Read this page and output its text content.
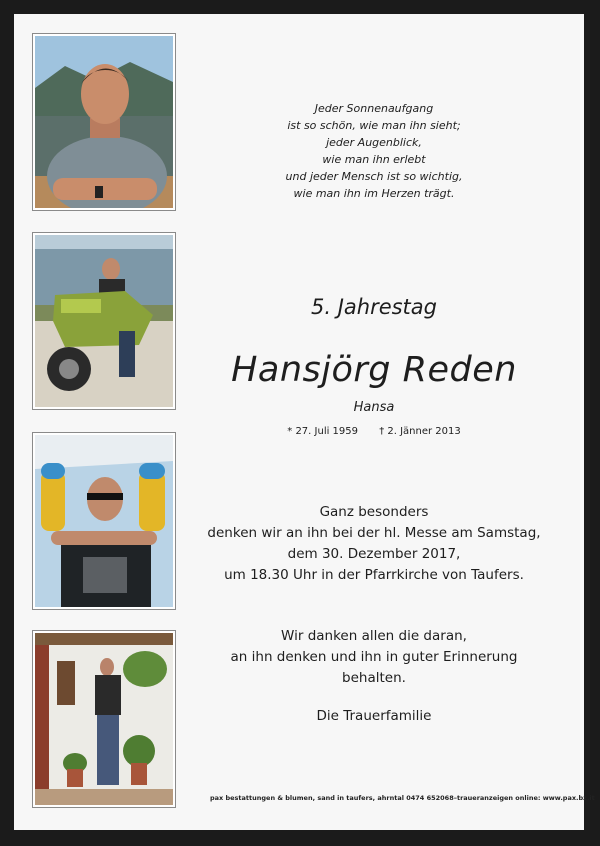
Jeder Sonnenaufgang
ist so schön, wie man ihn sieht;
jeder Augenblick,
wie man ihn erlebt
und jeder Mensch ist so wichtig,
wie man ihn im Herzen trägt.
5. Jahrestag
Hansjörg Reden
Hansa
* 27. Juli 1959 † 2. Jänner 2013
Ganz besonders
denken wir an ihn bei der hl. Messe am Samstag,
dem 30. Dezember 2017,
um 18.30 Uhr in der Pfarrkirche von Taufers.
Wir danken allen die daran,
an ihn denken und ihn in guter Erinnerung
behalten.
Die Trauerfamilie
pax bestattungen & blumen, sand in taufers, ahrntal 0474 652068–traueranzeigen online: www.pax.bz.it
